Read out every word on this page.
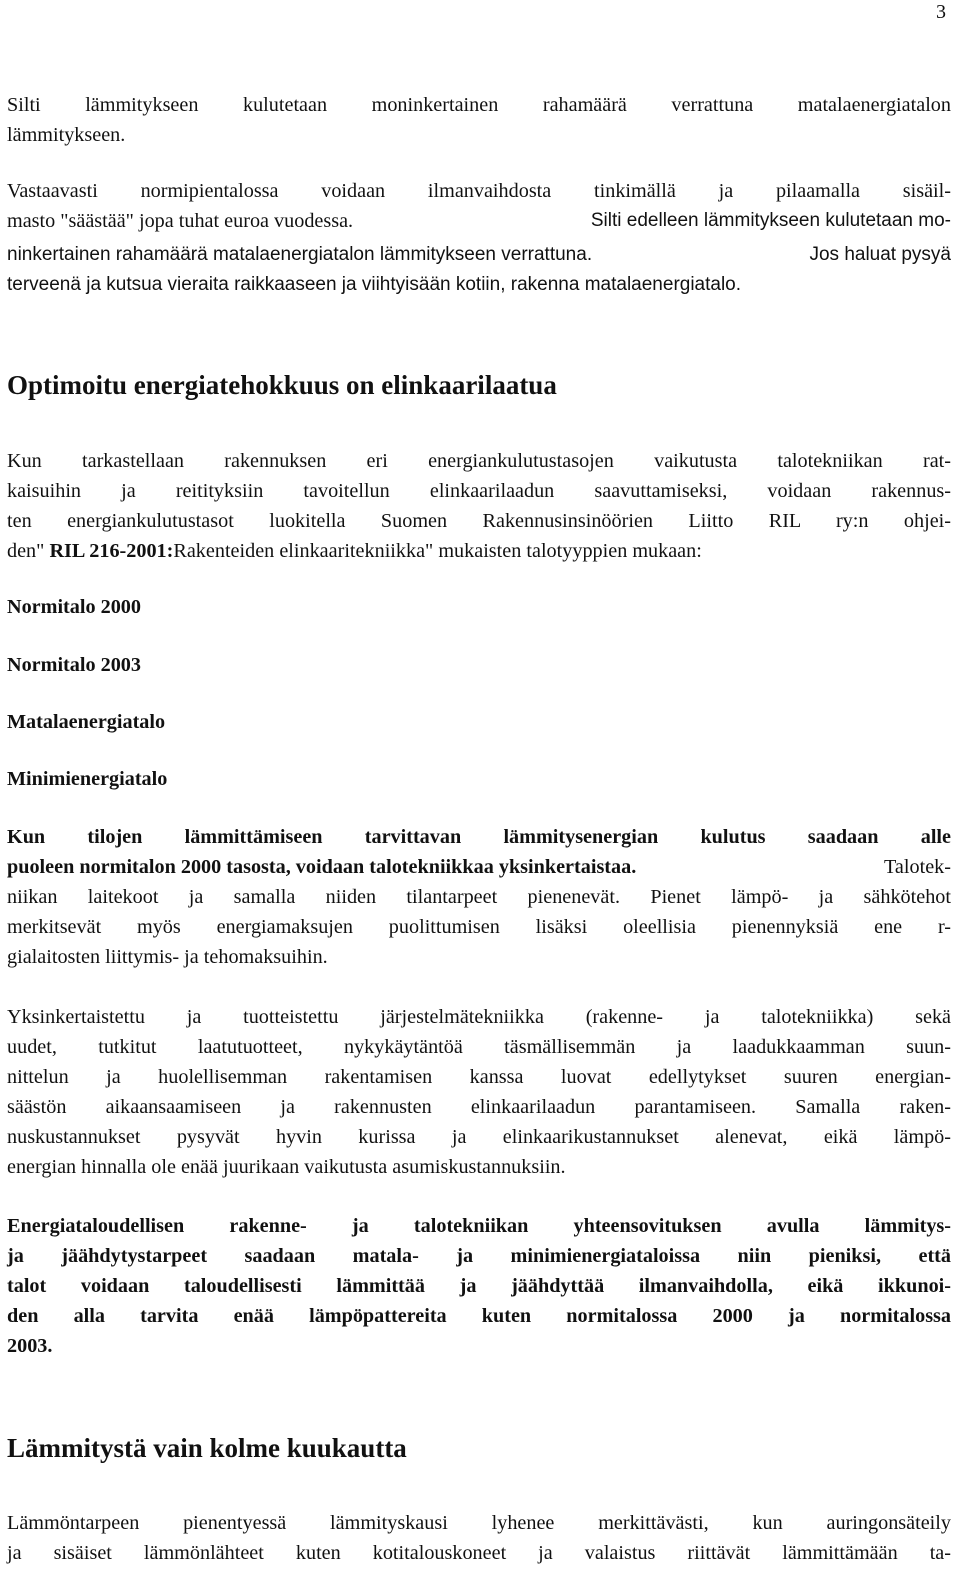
3
Silti lämmitykseen kulutetaan moninkertainen rahamäärä verrattuna matalaenergiatalon
lämmitykseen.
Vastaavasti normipientalossa voidaan ilmanvaihdosta tinkimällä ja pilaamalla sisäil-
masto "säästää" jopa tuhat euroa vuodessa.	Silti edelleen lämmitykseen kulutetaan mo-
ninkertainen rahamäärä matalaenergiatalon lämmitykseen verrattuna.	Jos haluat pysyä
terveenä ja kutsua vieraita raikkaaseen ja viihtyisään kotiin, rakenna matalaenergiatalo.
Optimoitu energiatehokkuus on elinkaarilaatua
Kun tarkastellaan rakennuksen eri energiankulutustasojen vaikutusta talotekniikan rat-
kaisuihin ja reitityksiin tavoitellun elinkaarilaadun saavuttamiseksi, voidaan rakennus-
ten energiankulutustasot luokitella Suomen Rakennusinsinöörien Liitto RIL ry:n ohjei-
den" RIL 216-2001:Rakenteiden elinkaaritekniikka" mukaisten talotyyppien mukaan:
Normitalo 2000
Normitalo 2003
Matalaenergiatalo
Minimienergiatalo
Kun tilojen lämmittämiseen tarvittavan lämmitysenergian kulutus saadaan alle
puoleen normitalon 2000 tasosta, voidaan talotekniikkaa yksinkertaistaa.	Talotek-
niikan laitekoot ja samalla niiden tilantarpeet pienenevät. Pienet lämpö- ja sähkötehot
merkitsevät myös energiamaksujen puolittumisen lisäksi oleellisia pienennyksiä ene r-
gialaitosten liittymis- ja tehomaksuihin.
Yksinkertaistettu ja tuotteistettu järjestelmätekniikka (rakenne- ja talotekniikka) sekä
uudet, tutkitut laatutuotteet, nykykäytäntöä täsmällisemmän ja laadukkaamman suun-
nittelun ja huolellisemman rakentamisen kanssa luovat edellytykset suuren energian-
säästön aikaansaamiseen ja rakennusten elinkaarilaadun parantamiseen. Samalla raken-
nuskustannukset pysyvät hyvin kurissa ja elinkaarikustannukset alenevat, eikä lämpö-
energian hinnalla ole enää juurikaan vaikutusta asumiskustannuksiin.
Energiataloudellisen rakenne- ja talotekniikan yhteensovituksen avulla lämmitys-
ja jäähdytystarpeet saadaan matala- ja minimienergiataloissa niin pieniksi, että
talot voidaan taloudellisesti lämmittää ja jäähdyttää ilmanvaihdolla, eikä ikkunoi-
den alla tarvita enää lämpöpattereita kuten normitalossa 2000 ja normitalossa
2003.
Lämmitystä vain kolme kuukautta
Lämmöntarpeen pienentyessä lämmityskausi lyhenee merkittävästi, kun auringonsäteily
ja sisäiset lämmönlähteet kuten kotitalouskoneet ja valaistus riittävät lämmittämään ta-
